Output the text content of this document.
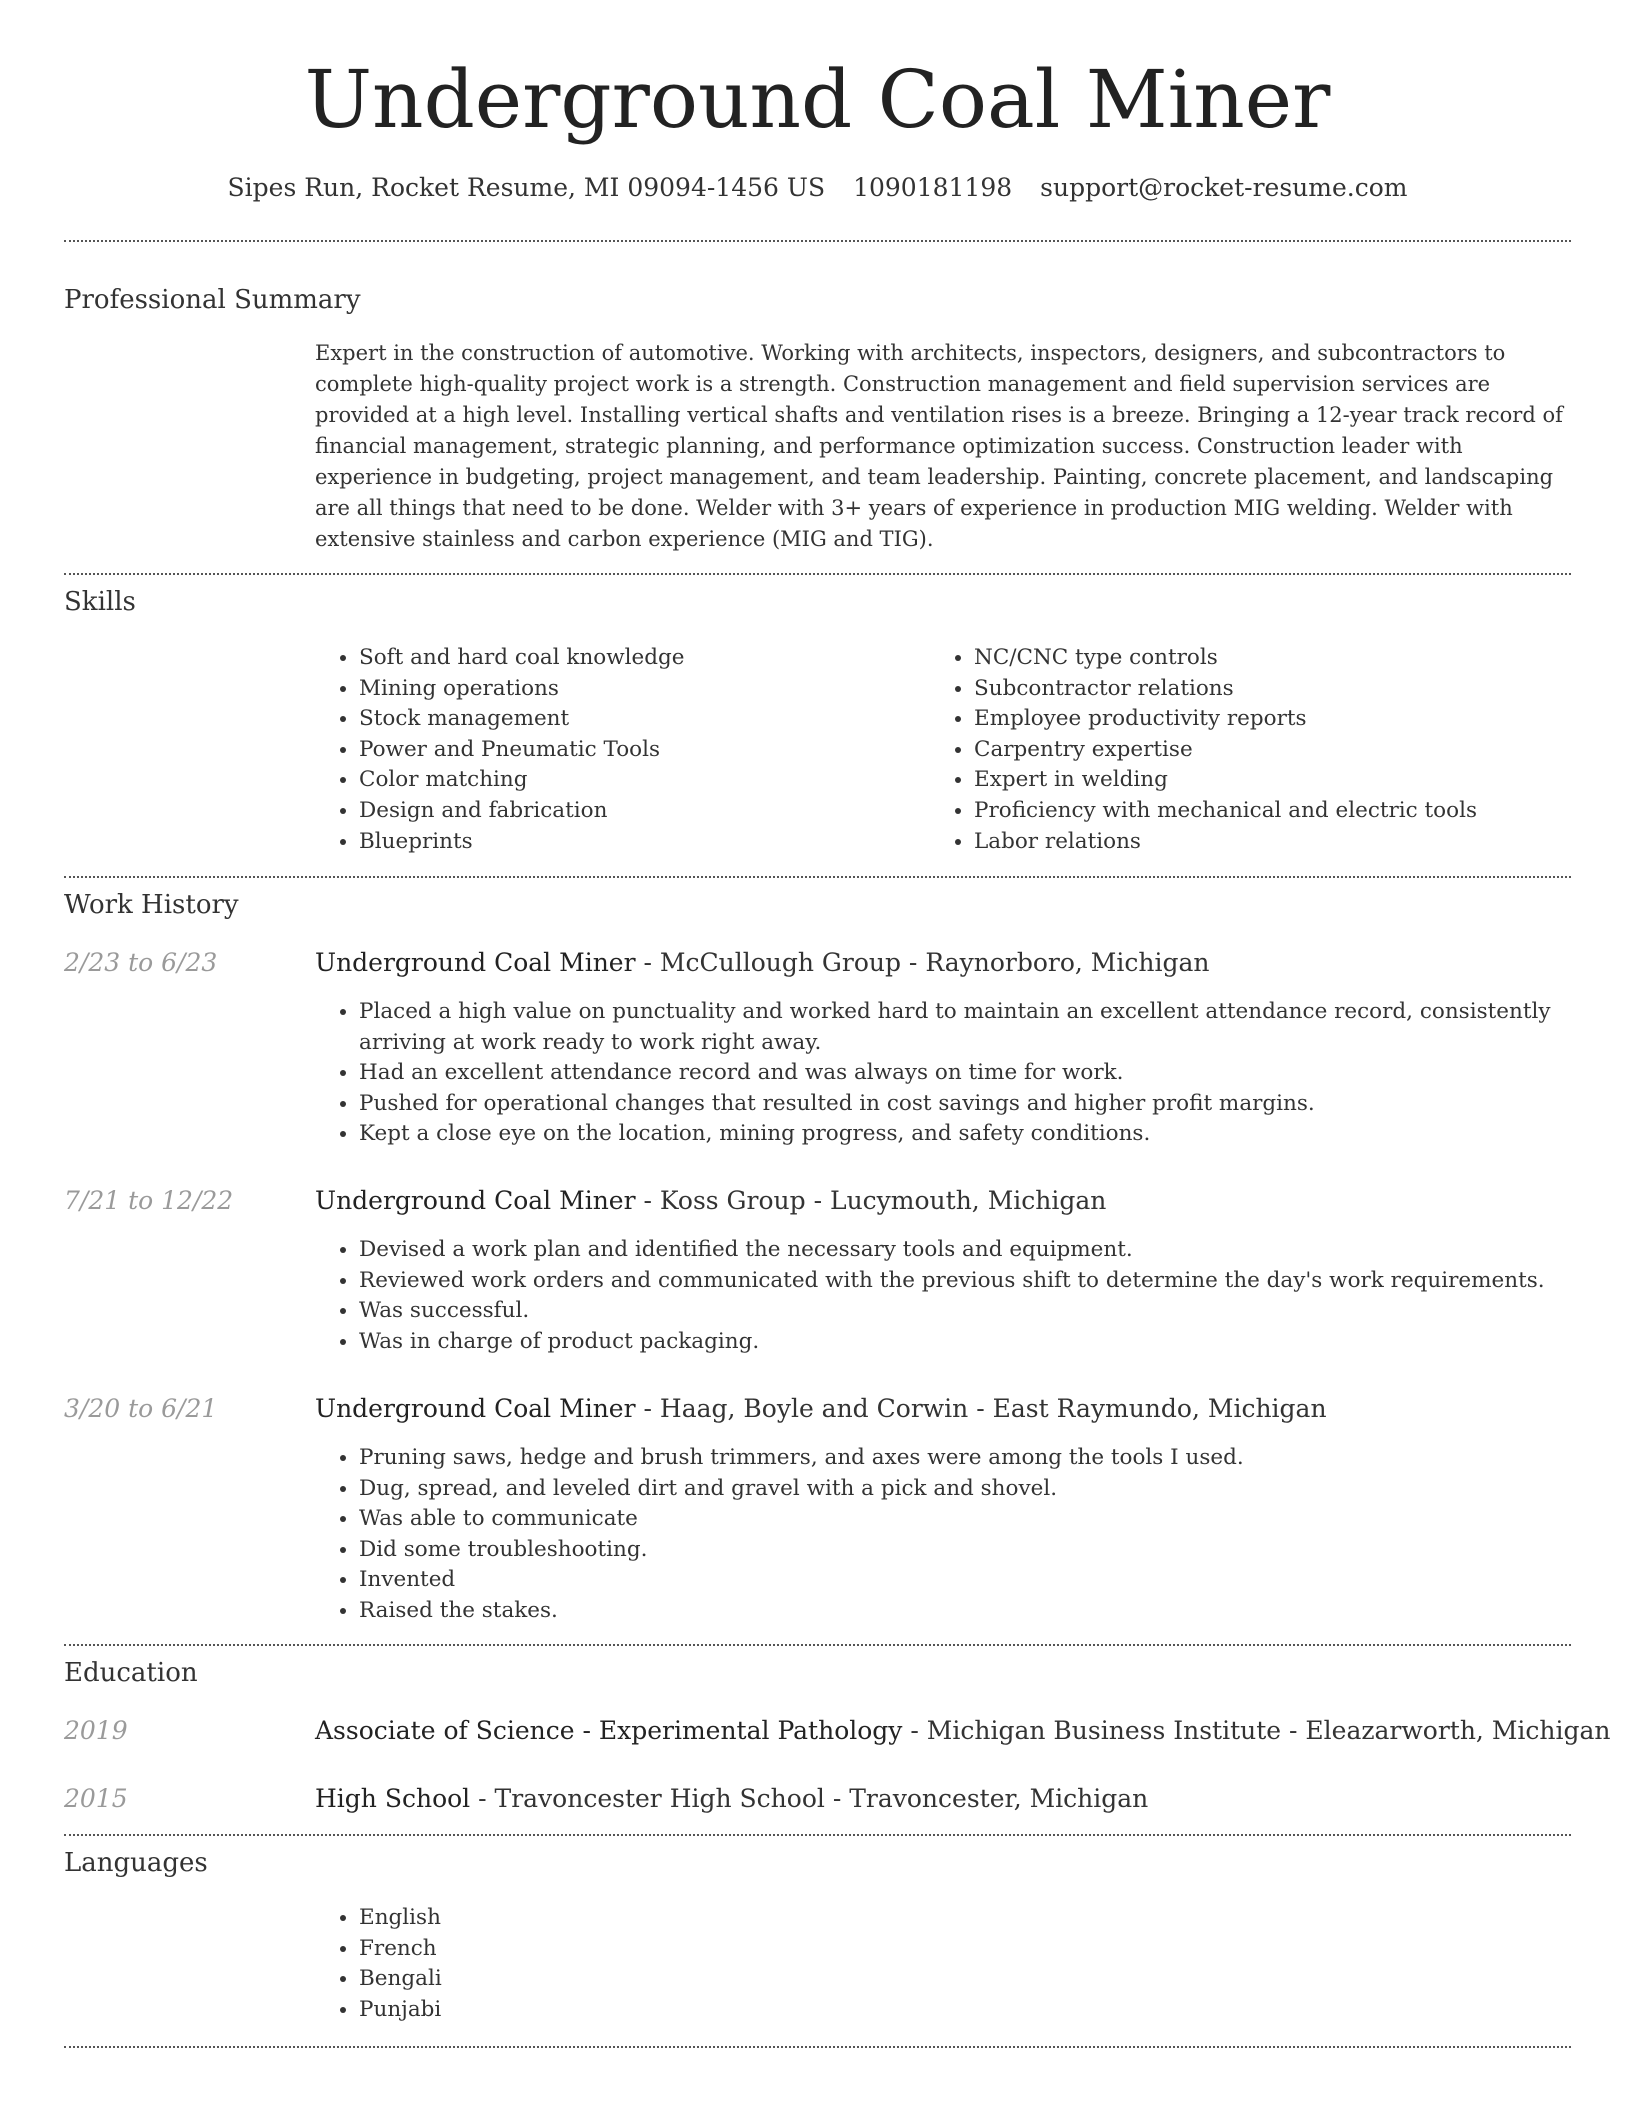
Underground Coal Miner
Sipes Run, Rocket Resume, MI 09094-1456 US 1090181198 support@rocket-resume.com
Professional Summary
Expert in the construction of automotive. Working with architects, inspectors, designers, and subcontractors to complete high-quality project work is a strength. Construction management and field supervision services are provided at a high level. Installing vertical shafts and ventilation rises is a breeze. Bringing a 12-year track record of financial management, strategic planning, and performance optimization success. Construction leader with experience in budgeting, project management, and team leadership. Painting, concrete placement, and landscaping are all things that need to be done. Welder with 3+ years of experience in production MIG welding. Welder with extensive stainless and carbon experience (MIG and TIG).
Skills
• Soft and hard coal knowledge
• Mining operations
• Stock management
• Power and Pneumatic Tools
• Color matching
• Design and fabrication
• Blueprints
• NC/CNC type controls
• Subcontractor relations
• Employee productivity reports
• Carpentry expertise
• Expert in welding
• Proficiency with mechanical and electric tools
• Labor relations
Work History
2/23 to 6/23	Underground Coal Miner - McCullough Group - Raynorboro, Michigan
• Placed a high value on punctuality and worked hard to maintain an excellent attendance record, consistently arriving at work ready to work right away.
• Had an excellent attendance record and was always on time for work.
• Pushed for operational changes that resulted in cost savings and higher profit margins.
• Kept a close eye on the location, mining progress, and safety conditions.
7/21 to 12/22	Underground Coal Miner - Koss Group - Lucymouth, Michigan
• Devised a work plan and identified the necessary tools and equipment.
• Reviewed work orders and communicated with the previous shift to determine the day's work requirements.
• Was successful.
• Was in charge of product packaging.
3/20 to 6/21	Underground Coal Miner - Haag, Boyle and Corwin - East Raymundo, Michigan
• Pruning saws, hedge and brush trimmers, and axes were among the tools I used.
• Dug, spread, and leveled dirt and gravel with a pick and shovel.
• Was able to communicate
• Did some troubleshooting.
• Invented
• Raised the stakes.
Education
2019	Associate of Science - Experimental Pathology - Michigan Business Institute - Eleazarworth, Michigan
2015	High School - Travoncester High School - Travoncester, Michigan
Languages
• English
• French
• Bengali
• Punjabi
